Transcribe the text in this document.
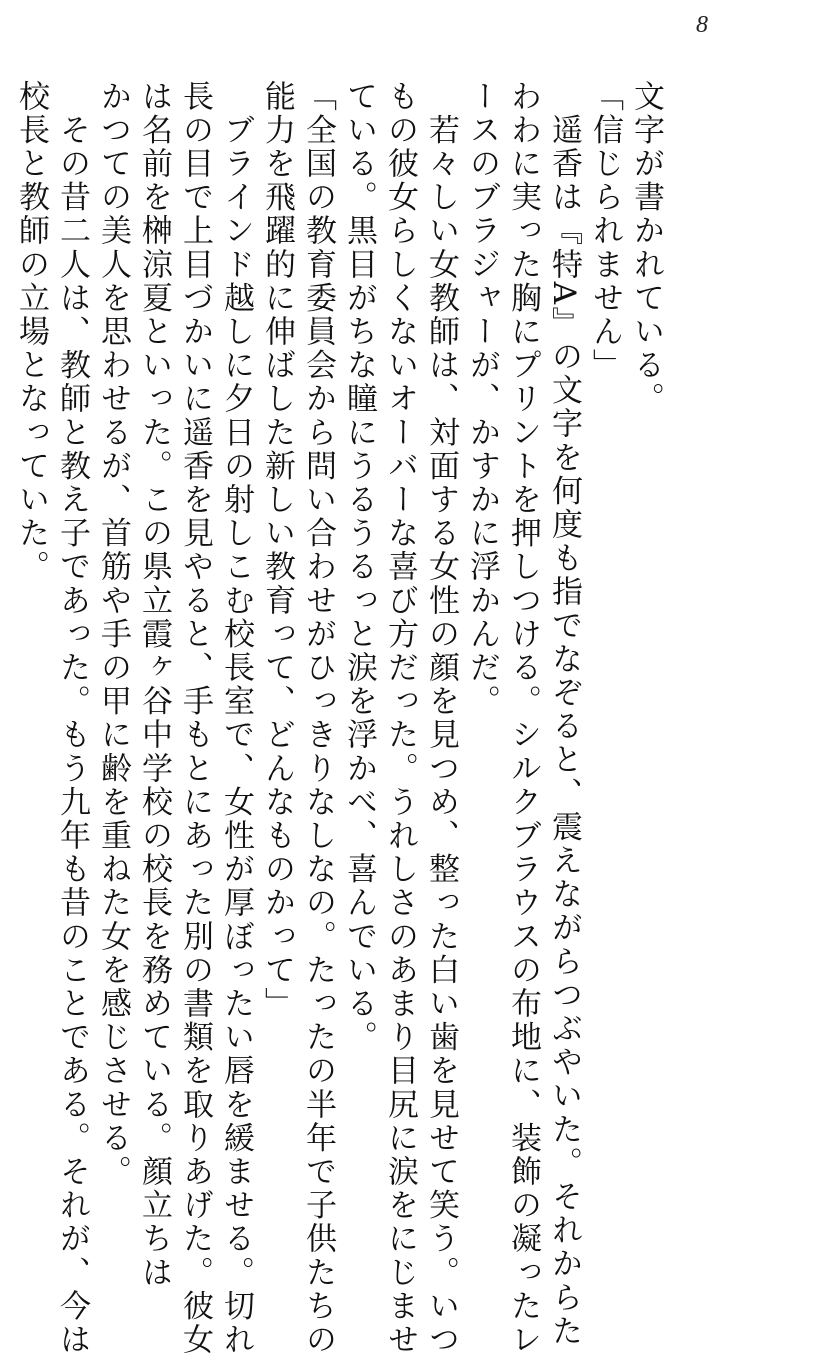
8
文字が書かれている。
「信じられません」
　遥香は『特A』の文字を何度も指でなぞると、震えながらつぶやいた。それからた
わわに実った胸にプリントを押しつける。シルクブラウスの布地に、装飾の凝ったレ
ースのブラジャーが、かすかに浮かんだ。
　若々しい女教師は、対面する女性の顔を見つめ、整った白い歯を見せて笑う。いつ
もの彼女らしくないオーバーな喜び方だった。うれしさのあまり目尻に涙をにじませ
ている。黒目がちな瞳にうるうるっと涙を浮かべ、喜んでいる。
「全国の教育委員会から問い合わせがひっきりなしなの。たったの半年で子供たちの
能力を飛躍的に伸ばした新しい教育って、どんなものかって」
　ブラインド越しに夕日の射しこむ校長室で、女性が厚ぼったい唇を緩ませる。切れ
長の目で上目づかいに遥香を見やると、手もとにあった別の書類を取りあげた。彼女
は名前を榊涼夏といった。この県立霞ヶ谷中学校の校長を務めている。顔立ちは
かつての美人を思わせるが、首筋や手の甲に齢を重ねた女を感じさせる。
　その昔二人は、教師と教え子であった。もう九年も昔のことである。それが、今は
校長と教師の立場となっていた。
